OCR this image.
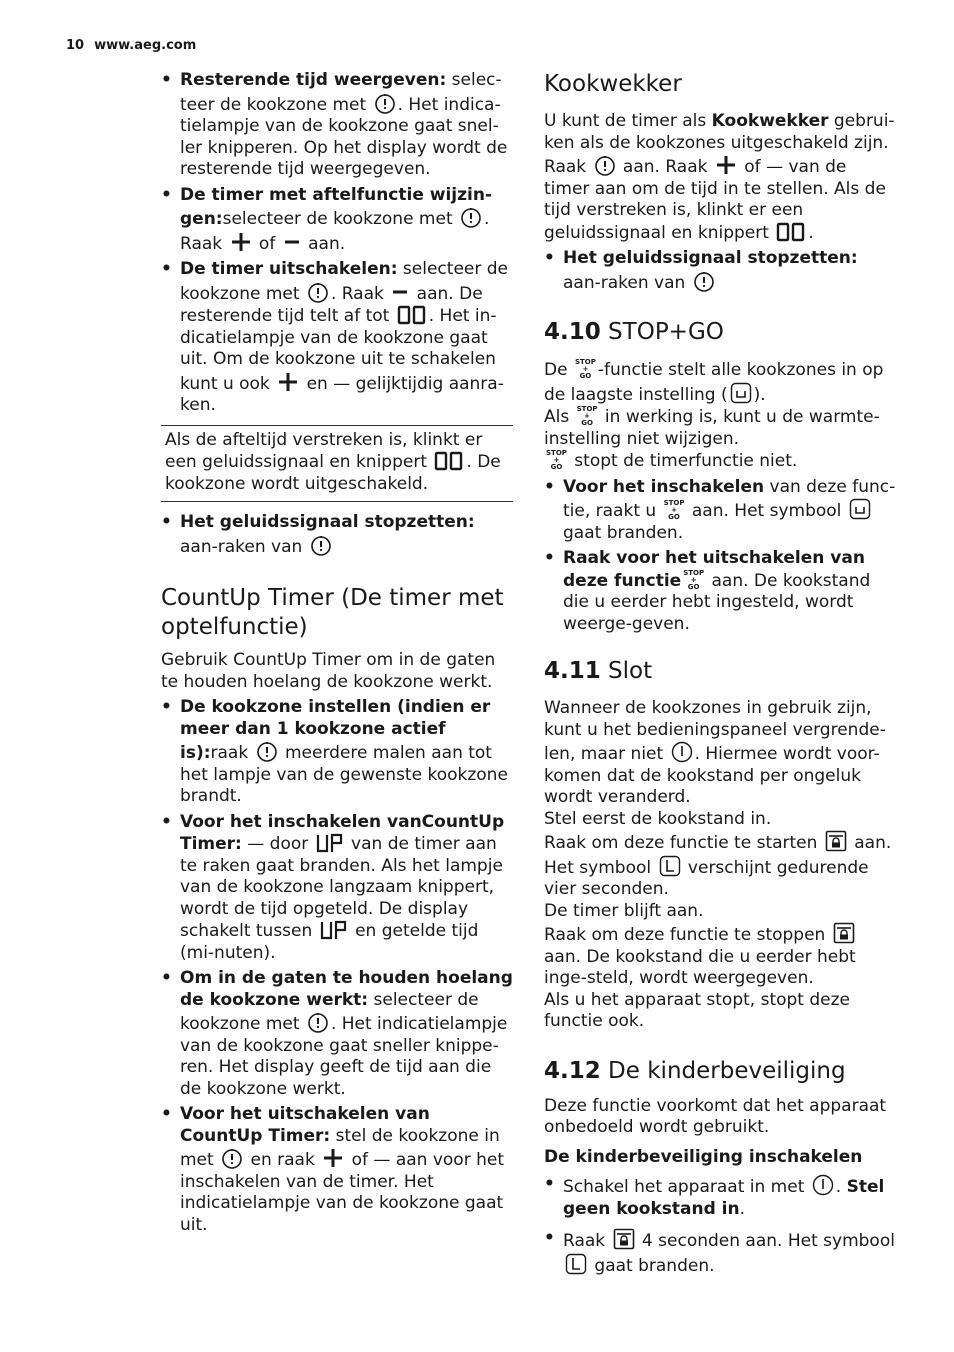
10 www.aeg.com
• Resterende tijd weergeven: selec-teer de kookzone met
. Het indica-tielampje van de kookzone gaat snel-ler knipperen. Op het display wordt de resterende tijd weergegeven.
• De timer met aftelfunctie wijzin-gen:selecteer de kookzone met
. Raak
of
aan.
• De timer uitschakelen: selecteer de kookzone met
. Raak
aan. De resterende tijd telt af tot
. Het in-dicatielampje van de kookzone gaat uit. Om de kookzone uit te schakelen kunt u ook
en — gelijktijdig aanra-ken.

Als de afteltijd verstreken is, klinkt er een geluidssignaal en knippert
. De kookzone wordt uitgeschakeld.

• Het geluidssignaal stopzetten: aan-raken van
CountUp Timer (De timer met optelfunctie)

Gebruik CountUp Timer om in de gaten te houden hoelang de kookzone werkt.

• De kookzone instellen (indien er meer dan 1 kookzone actief is):raak
meerdere malen aan tot het lampje van de gewenste kookzone brandt.
• Voor het inschakelen vanCountUp Timer: — door
van de timer aan te raken gaat branden. Als het lampje van de kookzone langzaam knippert, wordt de tijd opgeteld. De display schakelt tussen
en getelde tijd (mi-nuten).
• Om in de gaten te houden hoelang de kookzone werkt: selecteer de kookzone met
. Het indicatielampje van de kookzone gaat sneller knippe-ren. Het display geeft de tijd aan die de kookzone werkt.
• Voor het uitschakelen van CountUp Timer: stel de kookzone in met
en raak
of — aan voor het inschakelen van de timer. Het indicatielampje van de kookzone gaat uit.
Kookwekker

U kunt de timer als Kookwekker gebrui-ken als de kookzones uitgeschakeld zijn. Raak
aan. Raak
of — van de timer aan om de tijd in te stellen. Als de tijd verstreken is, klinkt er een geluidssignaal en knippert
.

• Het geluidssignaal stopzetten: aan-raken van
4.10 STOP+GO

De STOP
+
GO -functie stelt alle kookzones in op de laagste instelling ( ).

Als STOP
+
GO in werking is, kunt u de warmte-instelling niet wijzigen.

STOP
+
GO stopt de timerfunctie niet.

• Voor het inschakelen van deze func-tie, raakt u STOP
+
GO aan. Het symbool
gaat branden.
• Raak voor het uitschakelen van deze functie STOP
+
GO aan. De kookstand die u eerder hebt ingesteld, wordt weerge-geven.
4.11 Slot

Wanneer de kookzones in gebruik zijn, kunt u het bedieningspaneel vergrende-len, maar niet
. Hiermee wordt voor-komen dat de kookstand per ongeluk wordt veranderd.

Stel eerst de kookstand in.

Raak om deze functie te starten
aan.

Het symbool
verschijnt gedurende vier seconden.

De timer blijft aan.

Raak om deze functie te stoppen
aan. De kookstand die u eerder hebt inge-steld, wordt weergegeven.

Als u het apparaat stopt, stopt deze functie ook.

4.12 De kinderbeveiliging

Deze functie voorkomt dat het apparaat onbedoeld wordt gebruikt.

De kinderbeveiliging inschakelen
• Schakel het apparaat in met
. Stel geen kookstand in.
• Raak
4 seconden aan. Het symbool
gaat branden.
